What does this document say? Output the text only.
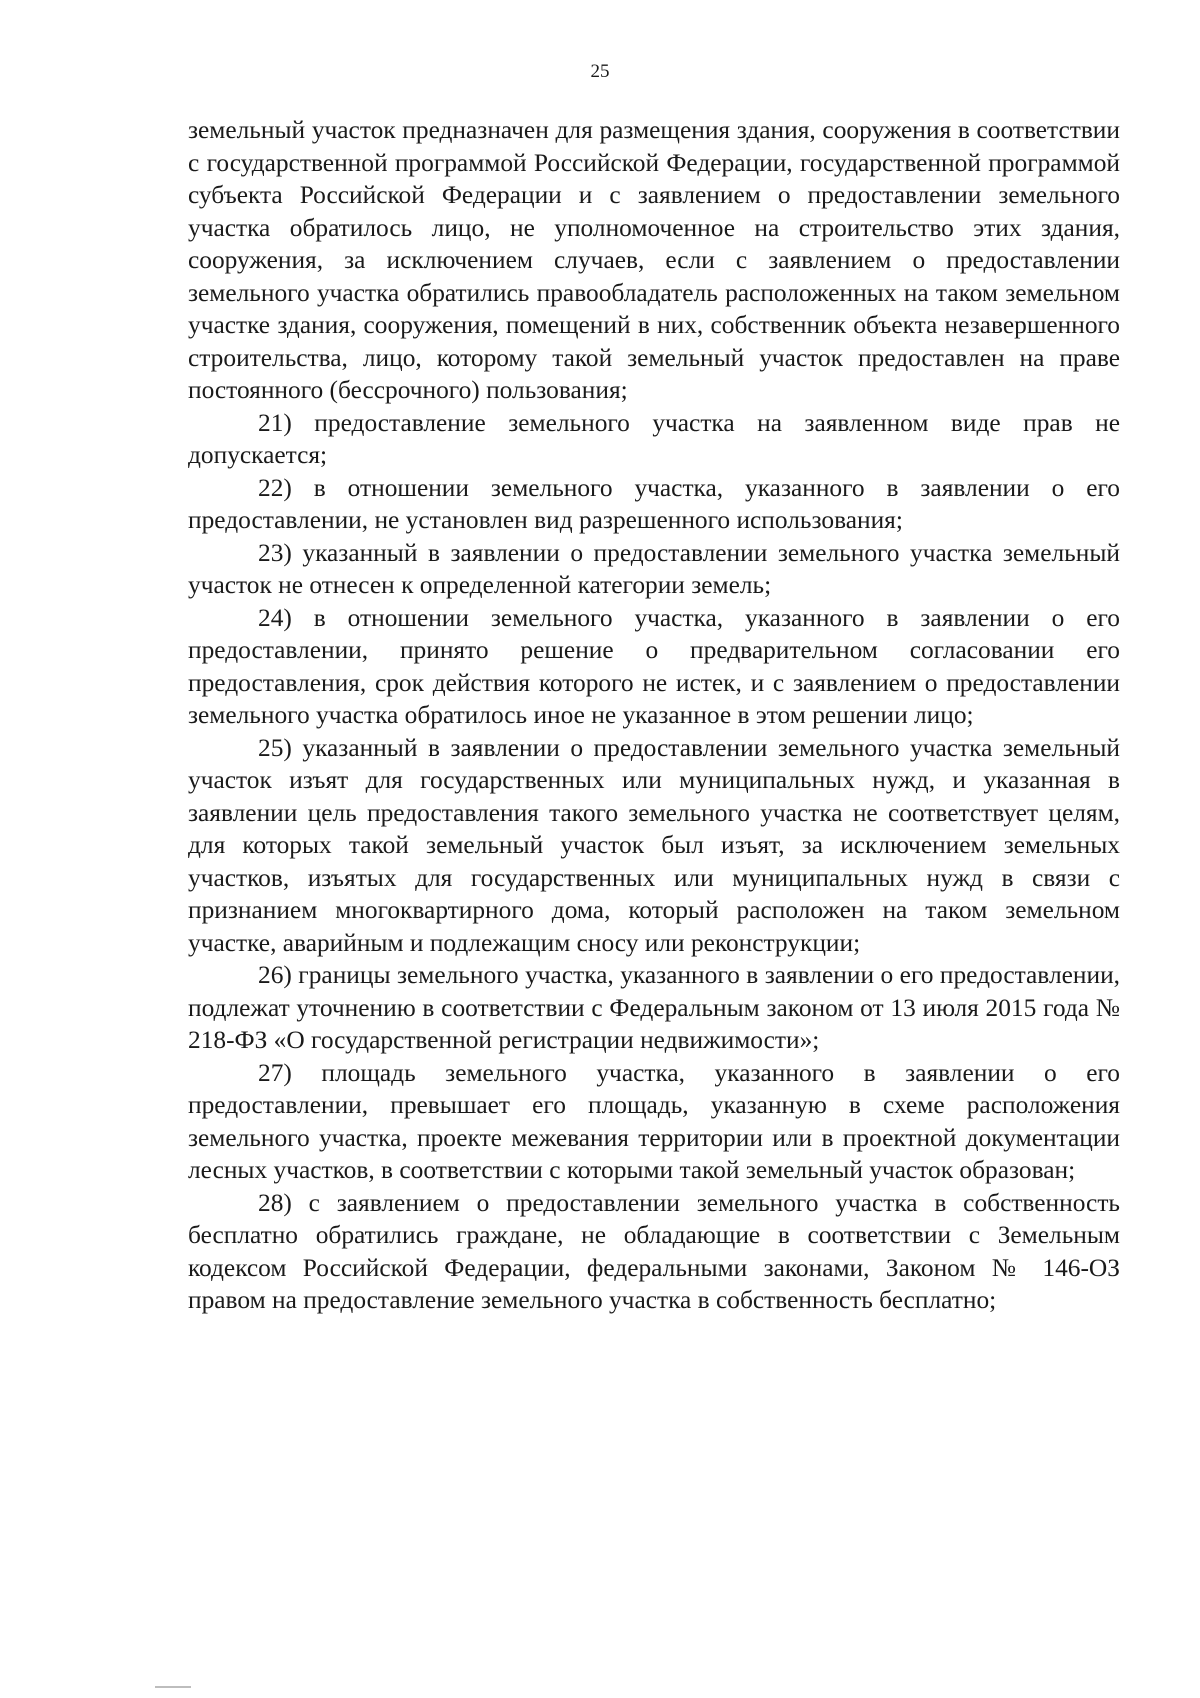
25

земельный участок предназначен для размещения здания, сооружения в соответствии с государственной программой Российской Федерации, государственной программой субъекта Российской Федерации и с заявлением о предоставлении земельного участка обратилось лицо, не уполномоченное на строительство этих здания, сооружения, за исключением случаев, если с заявлением о предоставлении земельного участка обратились правообладатель расположенных на таком земельном участке здания, сооружения, помещений в них, собственник объекта незавершенного строительства, лицо, которому такой земельный участок предоставлен на праве постоянного (бессрочного) пользования;

21) предоставление земельного участка на заявленном виде прав не допускается;

22) в отношении земельного участка, указанного в заявлении о его предоставлении, не установлен вид разрешенного использования;

23) указанный в заявлении о предоставлении земельного участка земельный участок не отнесен к определенной категории земель;

24) в отношении земельного участка, указанного в заявлении о его предоставлении, принято решение о предварительном согласовании его предоставления, срок действия которого не истек, и с заявлением о предоставлении земельного участка обратилось иное не указанное в этом решении лицо;

25) указанный в заявлении о предоставлении земельного участка земельный участок изъят для государственных или муниципальных нужд, и указанная в заявлении цель предоставления такого земельного участка не соответствует целям, для которых такой земельный участок был изъят, за исключением земельных участков, изъятых для государственных или муниципальных нужд в связи с признанием многоквартирного дома, который расположен на таком земельном участке, аварийным и подлежащим сносу или реконструкции;

26) границы земельного участка, указанного в заявлении о его предоставлении, подлежат уточнению в соответствии с Федеральным законом от 13 июля 2015 года № 218-ФЗ «О государственной регистрации недвижимости»;

27) площадь земельного участка, указанного в заявлении о его предоставлении, превышает его площадь, указанную в схеме расположения земельного участка, проекте межевания территории или в проектной документации лесных участков, в соответствии с которыми такой земельный участок образован;

28) с заявлением о предоставлении земельного участка в собственность бесплатно обратились граждане, не обладающие в соответствии с Земельным кодексом Российской Федерации, федеральными законами, Законом № 146-ОЗ правом на предоставление земельного участка в собственность бесплатно;
